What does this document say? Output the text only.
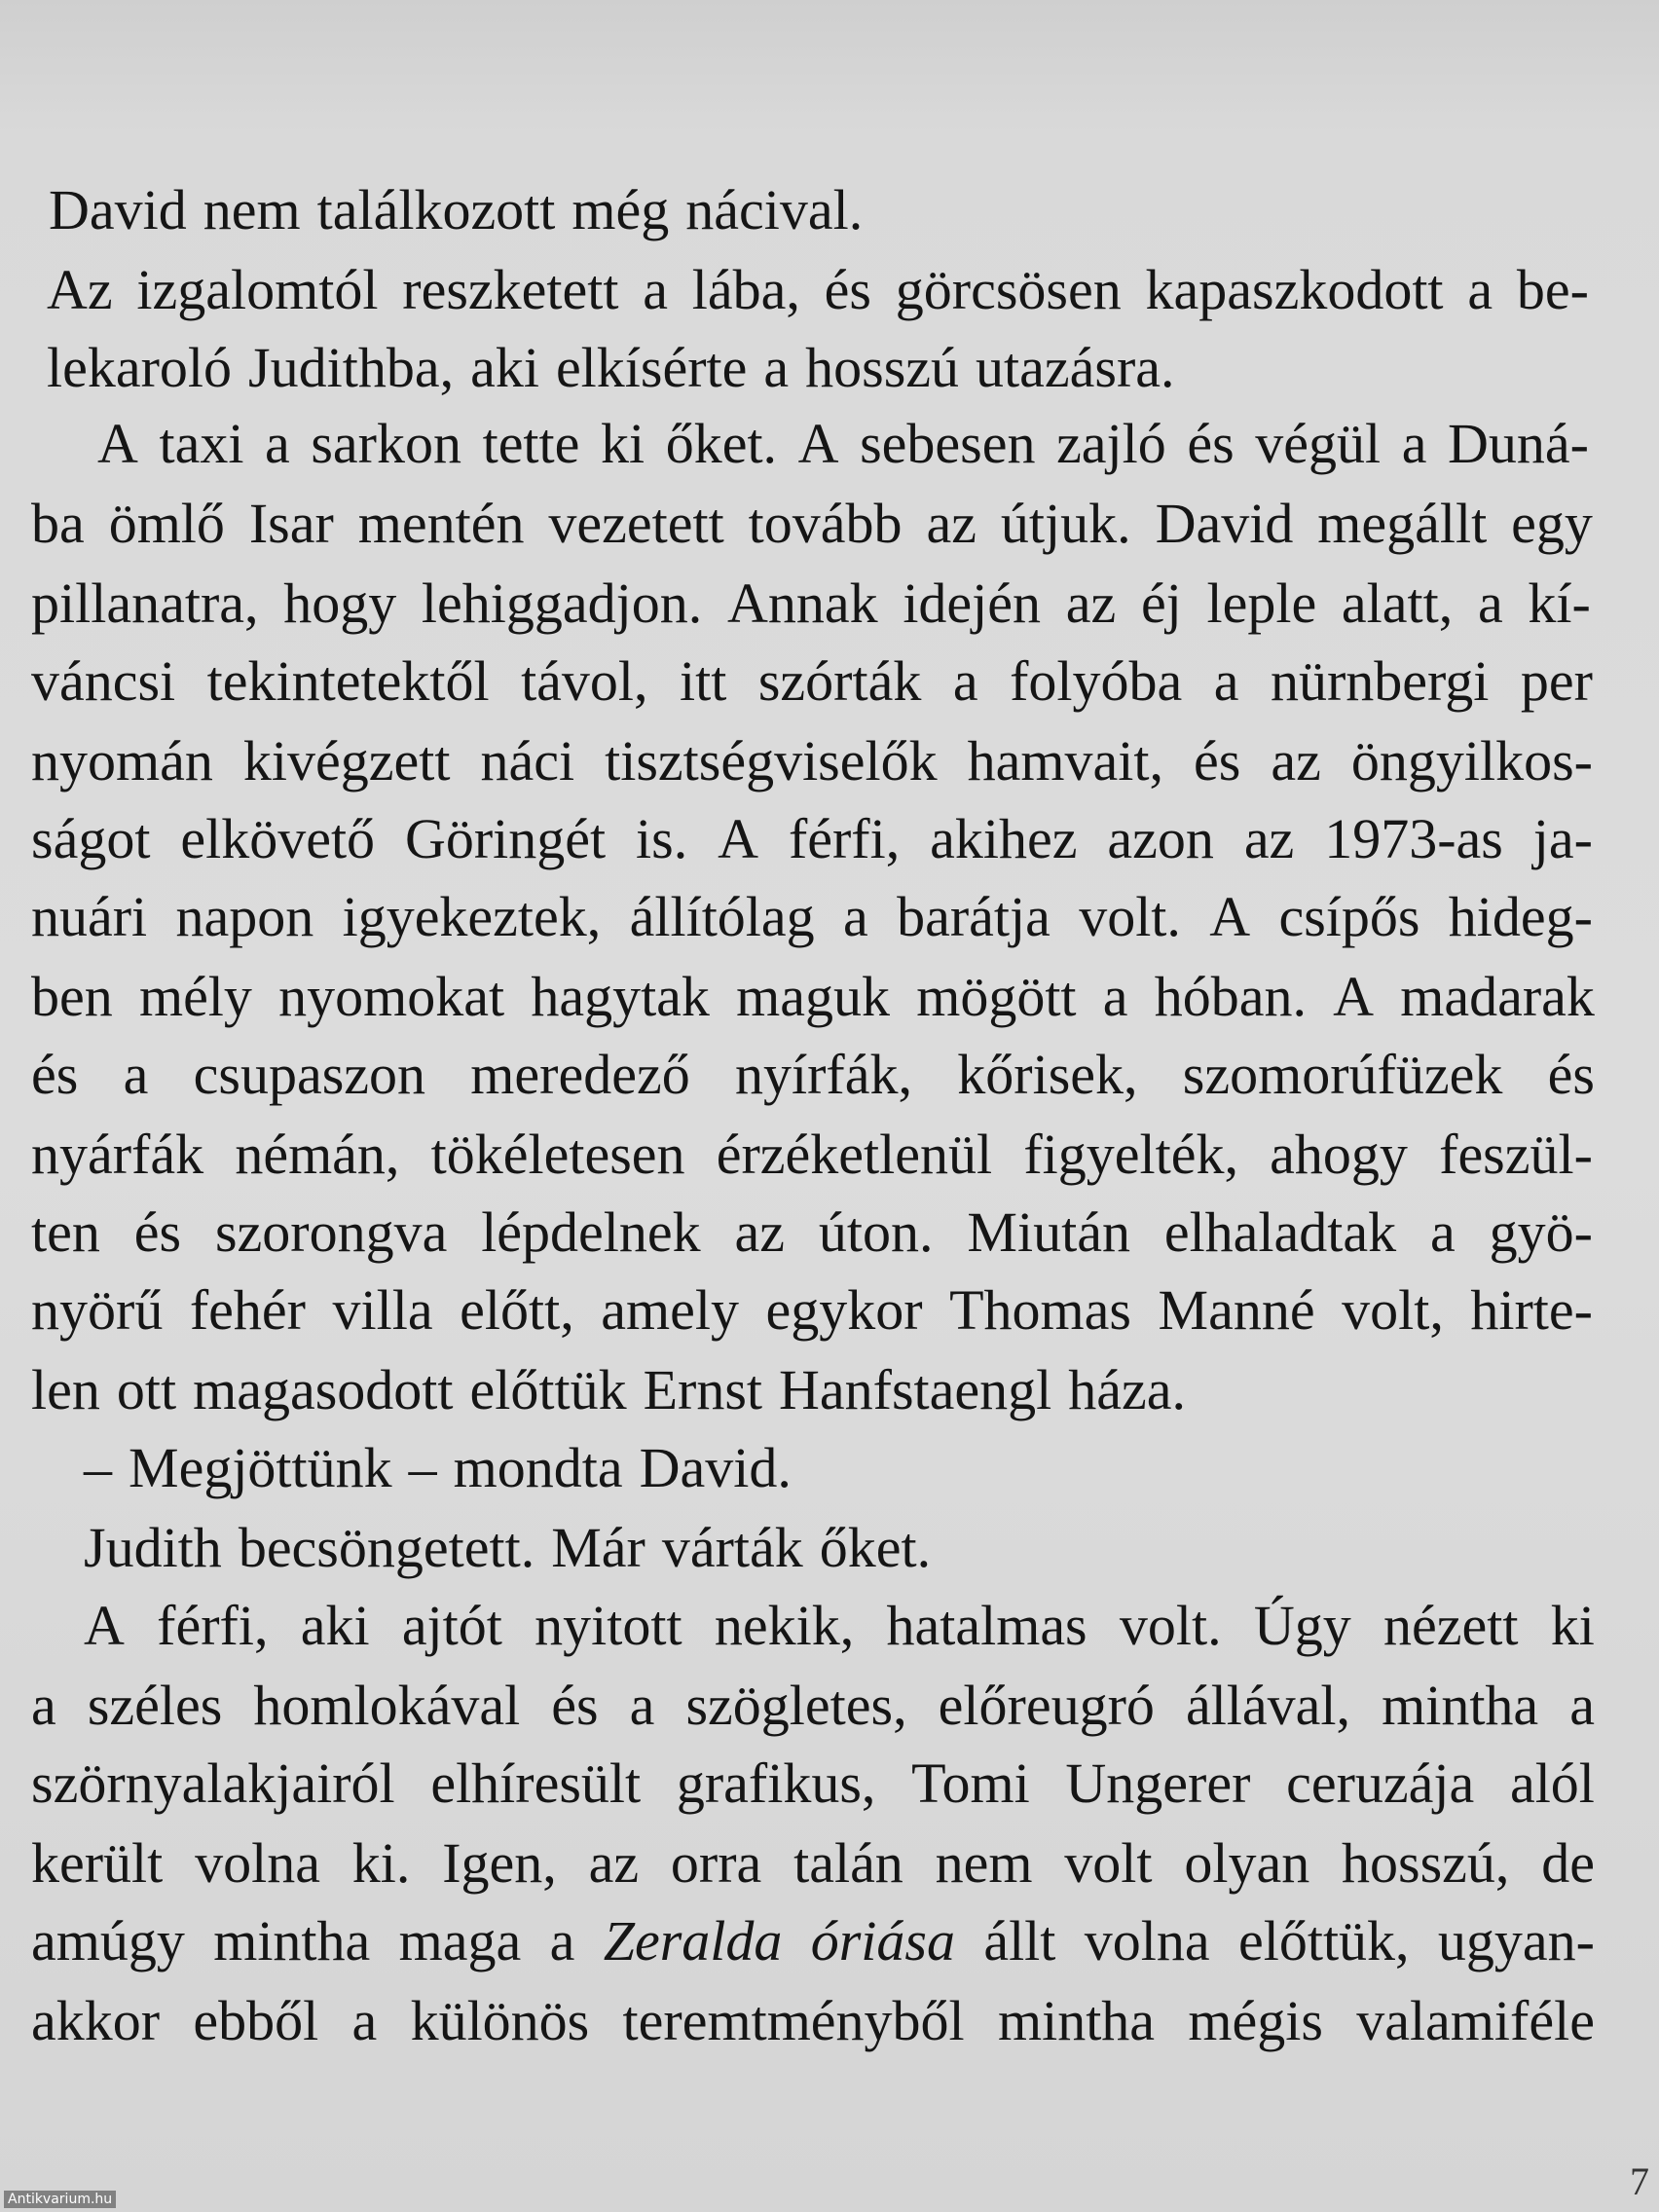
David nem találkozott még nácival.
Az izgalomtól reszketett a lába, és görcsösen kapaszkodott a be-
lekaroló Judithba, aki elkísérte a hosszú utazásra.
A taxi a sarkon tette ki őket. A sebesen zajló és végül a Duná-
ba ömlő Isar mentén vezetett tovább az útjuk. David megállt egy
pillanatra, hogy lehiggadjon. Annak idején az éj leple alatt, a kí-
váncsi tekintetektől távol, itt szórták a folyóba a nürnbergi per
nyomán kivégzett náci tisztségviselők hamvait, és az öngyilkos-
ságot elkövető Göringét is. A férfi, akihez azon az 1973-as ja-
nuári napon igyekeztek, állítólag a barátja volt. A csípős hideg-
ben mély nyomokat hagytak maguk mögött a hóban. A madarak
és a csupaszon meredező nyírfák, kőrisek, szomorúfüzek és
nyárfák némán, tökéletesen érzéketlenül figyelték, ahogy feszül-
ten és szorongva lépdelnek az úton. Miután elhaladtak a gyö-
nyörű fehér villa előtt, amely egykor Thomas Manné volt, hirte-
len ott magasodott előttük Ernst Hanfstaengl háza.
– Megjöttünk – mondta David.
Judith becsöngetett. Már várták őket.
A férfi, aki ajtót nyitott nekik, hatalmas volt. Úgy nézett ki
a széles homlokával és a szögletes, előreugró állával, mintha a
szörnyalakjairól elhíresült grafikus, Tomi Ungerer ceruzája alól
került volna ki. Igen, az orra talán nem volt olyan hosszú, de
amúgy mintha maga a Zeralda óriása állt volna előttük, ugyan-
akkor ebből a különös teremtményből mintha mégis valamiféle
7
Antikvarium.hu
